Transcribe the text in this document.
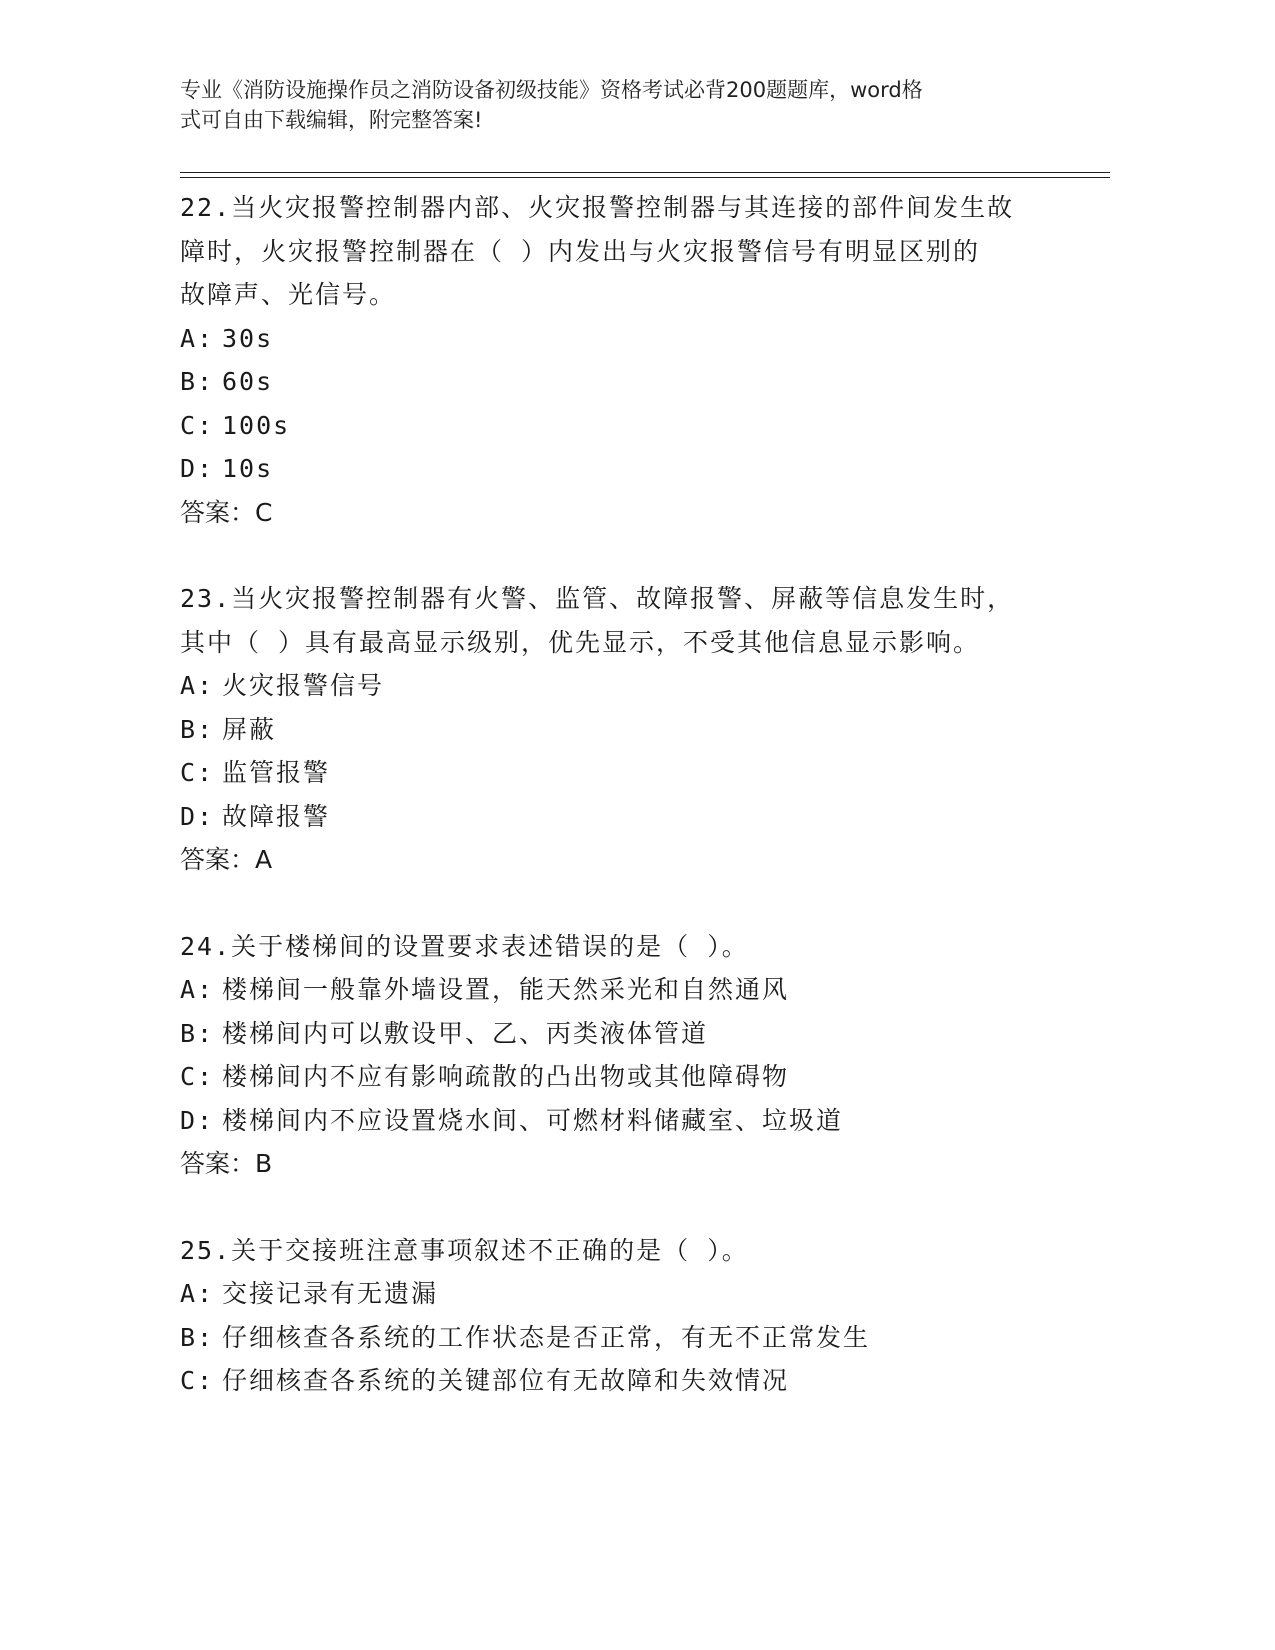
专业《消防设施操作员之消防设备初级技能》资格考试必背200题题库，word格
式可自由下载编辑，附完整答案!
22.当火灾报警控制器内部、火灾报警控制器与其连接的部件间发生故
障时，火灾报警控制器在（ ）内发出与火灾报警信号有明显区别的
故障声、光信号。
A: 30s
B: 60s
C: 100s
D: 10s
答案：C
23.当火灾报警控制器有火警、监管、故障报警、屏蔽等信息发生时，
其中（ ）具有最高显示级别，优先显示，不受其他信息显示影响。
A: 火灾报警信号
B: 屏蔽
C: 监管报警
D: 故障报警
答案：A
24.关于楼梯间的设置要求表述错误的是（ ）。
A: 楼梯间一般靠外墙设置，能天然采光和自然通风
B: 楼梯间内可以敷设甲、乙、丙类液体管道
C: 楼梯间内不应有影响疏散的凸出物或其他障碍物
D: 楼梯间内不应设置烧水间、可燃材料储藏室、垃圾道
答案：B
25.关于交接班注意事项叙述不正确的是（ ）。
A: 交接记录有无遗漏
B: 仔细核查各系统的工作状态是否正常，有无不正常发生
C: 仔细核查各系统的关键部位有无故障和失效情况
